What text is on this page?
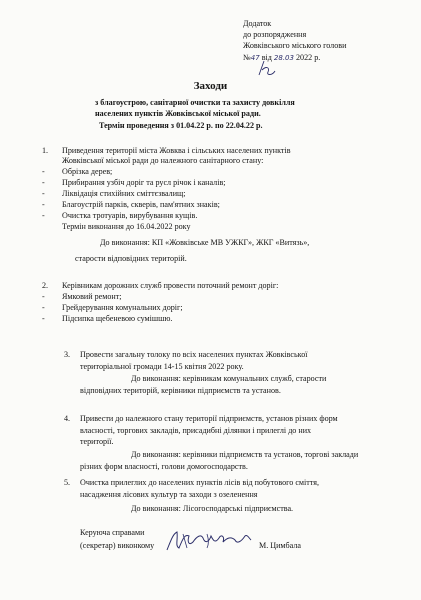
Додаток
до розпорядження
Жовківського міського голови
№47 від 28.03 2022 р.
Заходи
з благоустрою, санітарної очистки та захисту довкілля
населених пунктів Жовківської міської ради.
Термін проведення з 01.04.22 р. по 22.04.22 р.
1. Приведення території міста Жовква і сільських населених пунктів
Жовківської міської ради до належного санітарного стану:
- Обрізка дерев;
- Прибирання узбіч доріг та русл річок і каналів;
- Ліквідація стихійних сміттєзвалищ;
- Благоустрій парків, скверів, пам'ятних знаків;
- Очистка тротуарів, вирубування кущів.
Термін виконання до 16.04.2022 року
До виконання: КП «Жовківське МВ УЖКГ», ЖКГ «Витязь»,
старости відповідних територій.
2. Керівникам дорожних служб провести поточний ремонт доріг:
- Ямковий ремонт;
- Грейдерування комунальних доріг;
- Підсипка щебеневою сумішшю.
3. Провести загальну толоку по всіх населених пунктах Жовківської
територіальної громади 14-15 квітня 2022 року.
До виконання: керівникам комунальних служб, старости
відповідних територій, керівники підприємств та установ.
4. Привести до належного стану території підприємств, установ різних форм
власності, торгових закладів, присадибні ділянки і прилеглі до них
території.
До виконання: керівники підприємств та установ, торгові заклади
різних форм власності, голови домогосподарств.
5. Очистка прилеглих до населених пунктів лісів від побутового сміття,
насадження лісових культур та заходи з озеленення
До виконання: Лісогосподарські підприємства.
Керуюча справами
(секретар) виконкому	М. Цимбала
